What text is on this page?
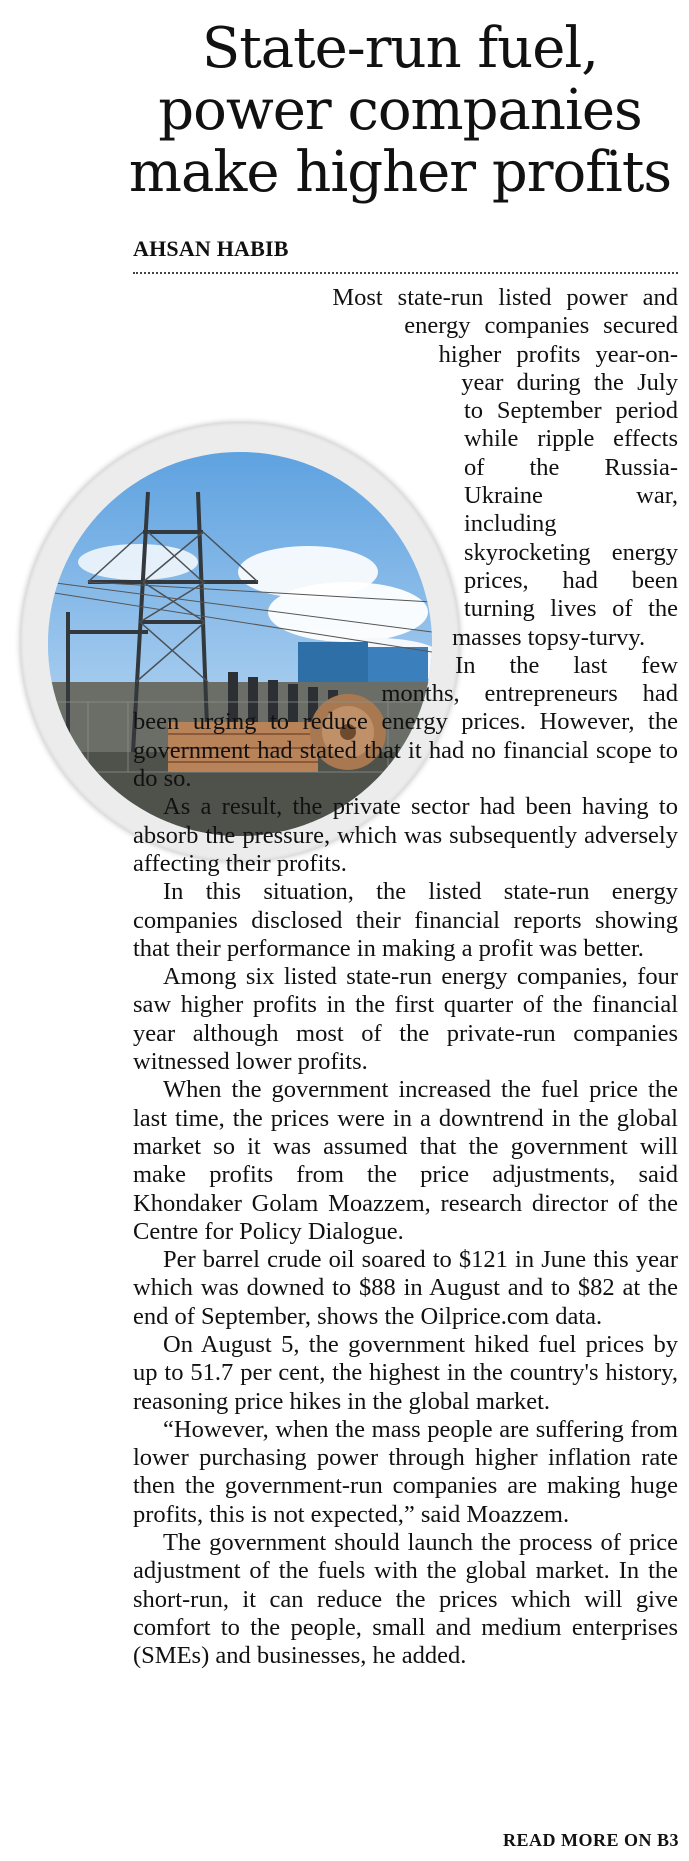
State-run fuel,
power companies
make higher profits
AHSAN HABIB

Most state-run listed power and energy companies secured higher profits year-on-year during the July to September period while ripple effects of the Russia-Ukraine war, including skyrocketing energy prices, had been turning lives of the masses topsy-turvy.

In the last few months, entrepreneurs had been urging to reduce energy prices. However, the government had stated that it had no financial scope to do so.

As a result, the private sector had been having to absorb the pressure, which was subsequently adversely affecting their profits.

In this situation, the listed state-run energy companies disclosed their financial reports showing that their performance in making a profit was better.

Among six listed state-run energy companies, four saw higher profits in the first quarter of the financial year although most of the private-run companies witnessed lower profits.

When the government increased the fuel price the last time, the prices were in a downtrend in the global market so it was assumed that the government will make profits from the price adjustments, said Khondaker Golam Moazzem, research director of the Centre for Policy Dialogue.

Per barrel crude oil soared to $121 in June this year which was downed to $88 in August and to $82 at the end of September, shows the Oilprice.com data.

On August 5, the government hiked fuel prices by up to 51.7 per cent, the highest in the country's history, reasoning price hikes in the global market.

“However, when the mass people are suffering from lower purchasing power through higher inflation rate then the government-run companies are making huge profits, this is not expected,” said Moazzem.

The government should launch the process of price adjustment of the fuels with the global market. In the short-run, it can reduce the prices which will give comfort to the people, small and medium enterprises (SMEs) and businesses, he added.

READ MORE ON B3
